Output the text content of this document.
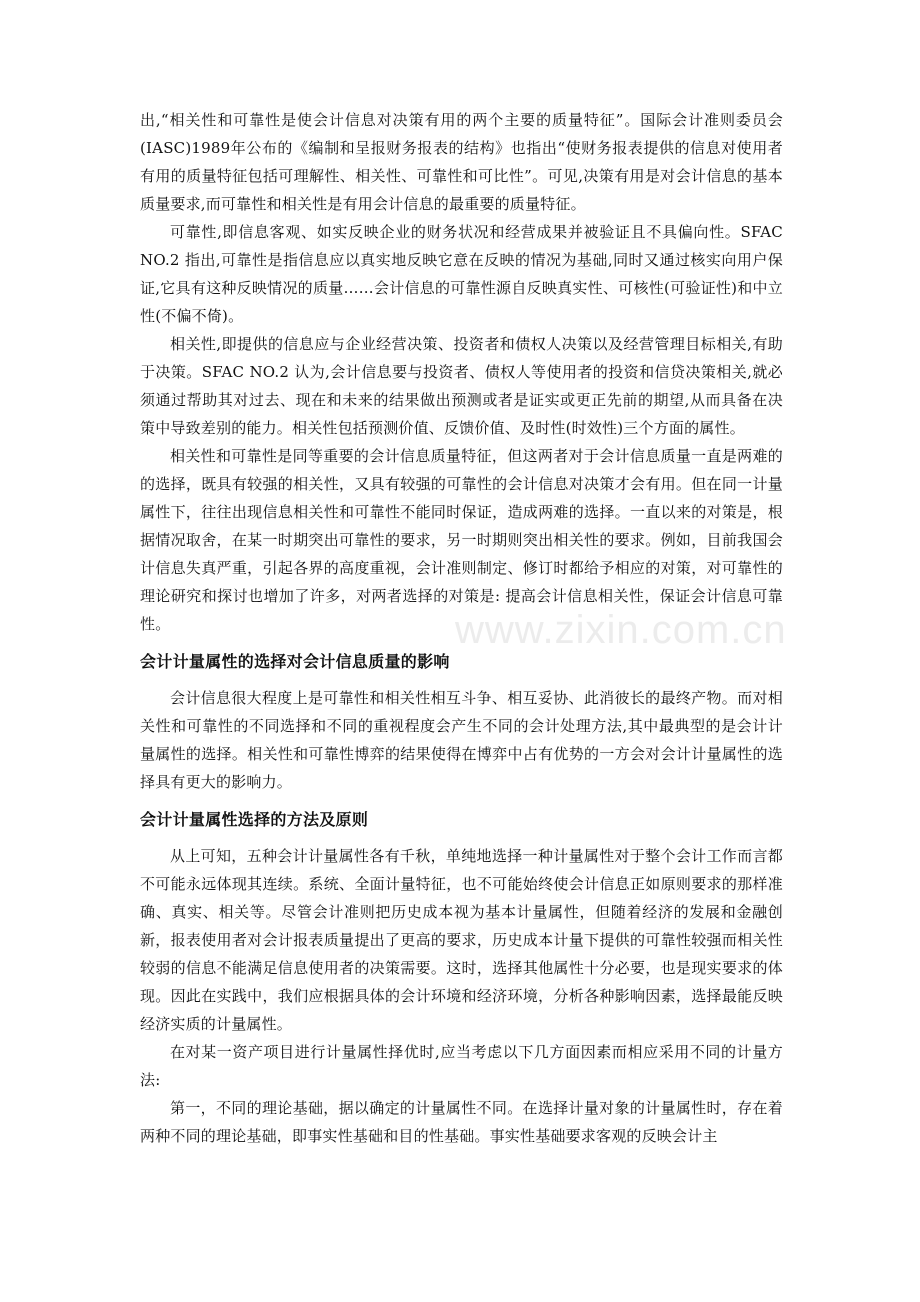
www.zixin.com.cn

出,“相关性和可靠性是使会计信息对决策有用的两个主要的质量特征”。国际会计准则委员会(IASC)1989年公布的《编制和呈报财务报表的结构》也指出“使财务报表提供的信息对使用者有用的质量特征包括可理解性、相关性、可靠性和可比性”。可见,决策有用是对会计信息的基本质量要求,而可靠性和相关性是有用会计信息的最重要的质量特征。

可靠性,即信息客观、如实反映企业的财务状况和经营成果并被验证且不具偏向性。SFAC NO.2 指出,可靠性是指信息应以真实地反映它意在反映的情况为基础,同时又通过核实向用户保证,它具有这种反映情况的质量……会计信息的可靠性源自反映真实性、可核性(可验证性)和中立性(不偏不倚)。

相关性,即提供的信息应与企业经营决策、投资者和债权人决策以及经营管理目标相关,有助于决策。SFAC NO.2 认为,会计信息要与投资者、债权人等使用者的投资和信贷决策相关,就必须通过帮助其对过去、现在和未来的结果做出预测或者是证实或更正先前的期望,从而具备在决策中导致差别的能力。相关性包括预测价值、反馈价值、及时性(时效性)三个方面的属性。

相关性和可靠性是同等重要的会计信息质量特征，但这两者对于会计信息质量一直是两难的的选择，既具有较强的相关性，又具有较强的可靠性的会计信息对决策才会有用。但在同一计量属性下，往往出现信息相关性和可靠性不能同时保证，造成两难的选择。一直以来的对策是，根据情况取舍，在某一时期突出可靠性的要求，另一时期则突出相关性的要求。例如，目前我国会计信息失真严重，引起各界的高度重视，会计准则制定、修订时都给予相应的对策，对可靠性的理论研究和探讨也增加了许多，对两者选择的对策是: 提高会计信息相关性，保证会计信息可靠性。

会计计量属性的选择对会计信息质量的影响

会计信息很大程度上是可靠性和相关性相互斗争、相互妥协、此消彼长的最终产物。而对相关性和可靠性的不同选择和不同的重视程度会产生不同的会计处理方法,其中最典型的是会计计量属性的选择。相关性和可靠性博弈的结果使得在博弈中占有优势的一方会对会计计量属性的选择具有更大的影响力。

会计计量属性选择的方法及原则

从上可知，五种会计计量属性各有千秋，单纯地选择一种计量属性对于整个会计工作而言都不可能永远体现其连续。系统、全面计量特征，也不可能始终使会计信息正如原则要求的那样准确、真实、相关等。尽管会计准则把历史成本视为基本计量属性，但随着经济的发展和金融创新，报表使用者对会计报表质量提出了更高的要求，历史成本计量下提供的可靠性较强而相关性较弱的信息不能满足信息使用者的决策需要。这时，选择其他属性十分必要，也是现实要求的体现。因此在实践中，我们应根据具体的会计环境和经济环境，分析各种影响因素，选择最能反映经济实质的计量属性。

在对某一资产项目进行计量属性择优时,应当考虑以下几方面因素而相应采用不同的计量方法:

第一，不同的理论基础，据以确定的计量属性不同。在选择计量对象的计量属性时，存在着两种不同的理论基础，即事实性基础和目的性基础。事实性基础要求客观的反映会计主
